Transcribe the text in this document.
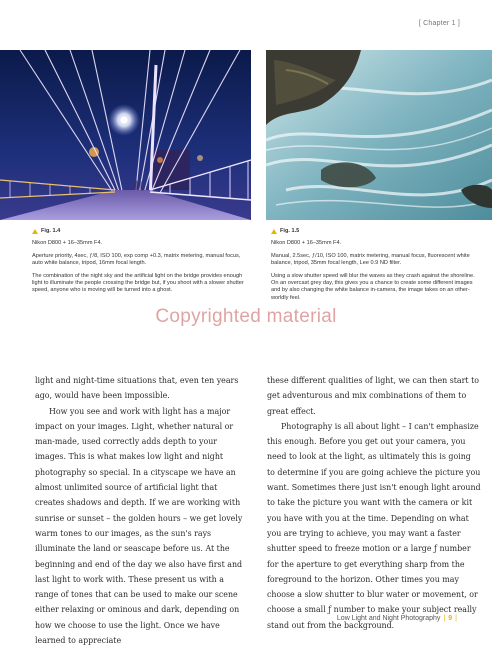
[ Chapter 1 ]
Fig. 1.4

Nikon D800 + 16–35mm F4.

Aperture priority, 4sec, ƒ/8, ISO 100, exp comp +0.3, matrix metering, manual focus, auto white balance, tripod, 16mm focal length.

The combination of the night sky and the artificial light on the bridge provides enough light to illuminate the people crossing the bridge but, if you shoot with a slower shutter speed, anyone who is moving will be turned into a ghost.

Fig. 1.5

Nikon D800 + 16–35mm F4.

Manual, 2.5sec, ƒ/10, ISO 100, matrix metering, manual focus, fluorescent white balance, tripod, 35mm focal length, Lee 0.9 ND filter.

Using a slow shutter speed will blur the waves as they crash against the shoreline. On an overcast grey day, this gives you a chance to create some different images and by also changing the white balance in-camera, the image takes on an other-worldly feel.

Copyrighted material

light and night-time situations that, even ten years ago, would have been impossible.

How you see and work with light has a major impact on your images. Light, whether natural or man-made, used correctly adds depth to your images. This is what makes low light and night photography so special. In a cityscape we have an almost unlimited source of artificial light that creates shadows and depth. If we are working with sunrise or sunset – the golden hours – we get lovely warm tones to our images, as the sun's rays illuminate the land or seascape before us. At the beginning and end of the day we also have first and last light to work with. These present us with a range of tones that can be used to make our scene either relaxing or ominous and dark, depending on how we choose to use the light. Once we have learned to appreciate

these different qualities of light, we can then start to get adventurous and mix combinations of them to great effect.

Photography is all about light – I can't emphasize this enough. Before you get out your camera, you need to look at the light, as ultimately this is going to determine if you are going achieve the picture you want. Sometimes there just isn't enough light around to take the picture you want with the camera or kit you have with you at the time. Depending on what you are trying to achieve, you may want a faster shutter speed to freeze motion or a large ƒ number for the aperture to get everything sharp from the foreground to the horizon. Other times you may choose a slow shutter to blur water or movement, or choose a small ƒ number to make your subject really stand out from the background.

Low Light and Night Photography | 9 |
